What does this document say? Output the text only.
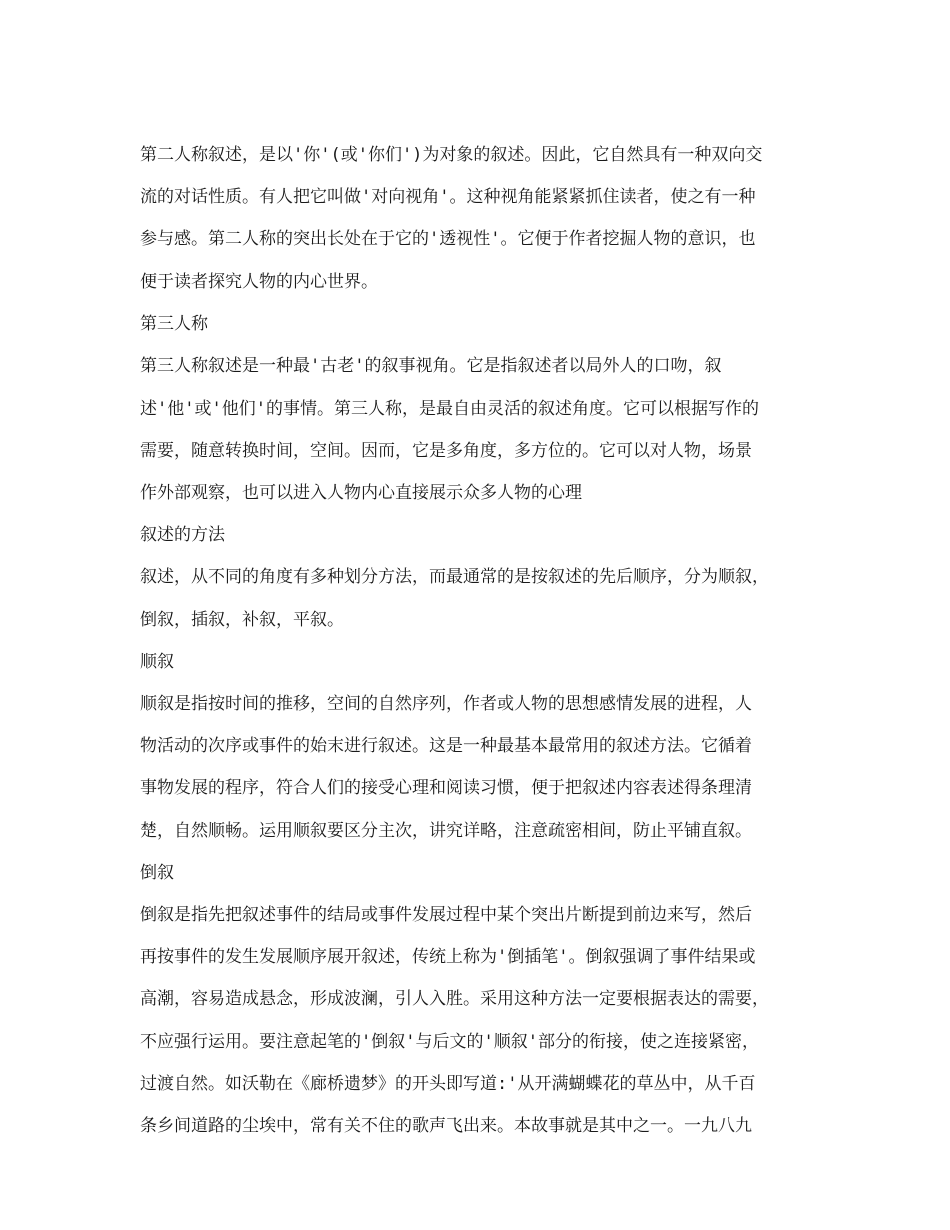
第二人称叙述，是以'你'(或'你们')为对象的叙述。因此，它自然具有一种双向交
流的对话性质。有人把它叫做'对向视角'。这种视角能紧紧抓住读者，使之有一种
参与感。第二人称的突出长处在于它的'透视性'。它便于作者挖掘人物的意识，也
便于读者探究人物的内心世界。
第三人称
第三人称叙述是一种最'古老'的叙事视角。它是指叙述者以局外人的口吻，叙
述'他'或'他们'的事情。第三人称，是最自由灵活的叙述角度。它可以根据写作的
需要，随意转换时间，空间。因而，它是多角度，多方位的。它可以对人物，场景
作外部观察，也可以进入人物内心直接展示众多人物的心理
叙述的方法
叙述，从不同的角度有多种划分方法，而最通常的是按叙述的先后顺序，分为顺叙，
倒叙，插叙，补叙，平叙。
顺叙
顺叙是指按时间的推移，空间的自然序列，作者或人物的思想感情发展的进程，人
物活动的次序或事件的始末进行叙述。这是一种最基本最常用的叙述方法。它循着
事物发展的程序，符合人们的接受心理和阅读习惯，便于把叙述内容表述得条理清
楚，自然顺畅。运用顺叙要区分主次，讲究详略，注意疏密相间，防止平铺直叙。
倒叙
倒叙是指先把叙述事件的结局或事件发展过程中某个突出片断提到前边来写，然后
再按事件的发生发展顺序展开叙述，传统上称为'倒插笔'。倒叙强调了事件结果或
高潮，容易造成悬念，形成波澜，引人入胜。采用这种方法一定要根据表达的需要，
不应强行运用。要注意起笔的'倒叙'与后文的'顺叙'部分的衔接，使之连接紧密，
过渡自然。如沃勒在《廊桥遗梦》的开头即写道:'从开满蝴蝶花的草丛中，从千百
条乡间道路的尘埃中，常有关不住的歌声飞出来。本故事就是其中之一。一九八九
